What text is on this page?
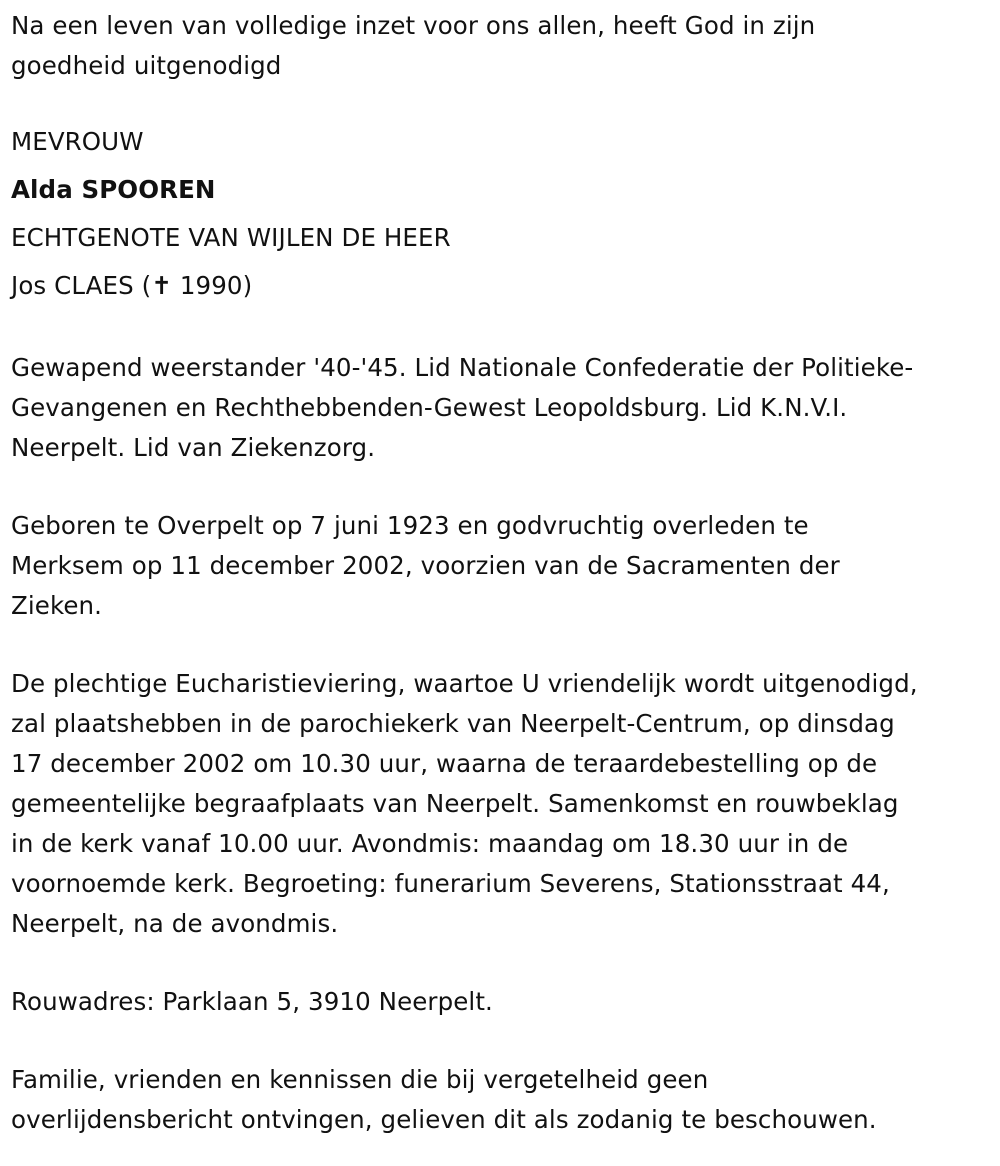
Na een leven van volledige inzet voor ons allen, heeft God in zijn

goedheid uitgenodigd

MEVROUW

Alda SPOOREN

ECHTGENOTE VAN WIJLEN DE HEER

Jos CLAES (✝ 1990)

Gewapend weerstander '40-'45. Lid Nationale Confederatie der Politieke-

Gevangenen en Rechthebbenden-Gewest Leopoldsburg. Lid K.N.V.I.

Neerpelt. Lid van Ziekenzorg.

Geboren te Overpelt op 7 juni 1923 en godvruchtig overleden te

Merksem op 11 december 2002, voorzien van de Sacramenten der

Zieken.

De plechtige Eucharistieviering, waartoe U vriendelijk wordt uitgenodigd,

zal plaatshebben in de parochiekerk van Neerpelt-Centrum, op dinsdag

17 december 2002 om 10.30 uur, waarna de teraardebestelling op de

gemeentelijke begraafplaats van Neerpelt. Samenkomst en rouwbeklag

in de kerk vanaf 10.00 uur. Avondmis: maandag om 18.30 uur in de

voornoemde kerk. Begroeting: funerarium Severens, Stationsstraat 44,

Neerpelt, na de avondmis.

Rouwadres: Parklaan 5, 3910 Neerpelt.

Familie, vrienden en kennissen die bij vergetelheid geen

overlijdensbericht ontvingen, gelieven dit als zodanig te beschouwen.
